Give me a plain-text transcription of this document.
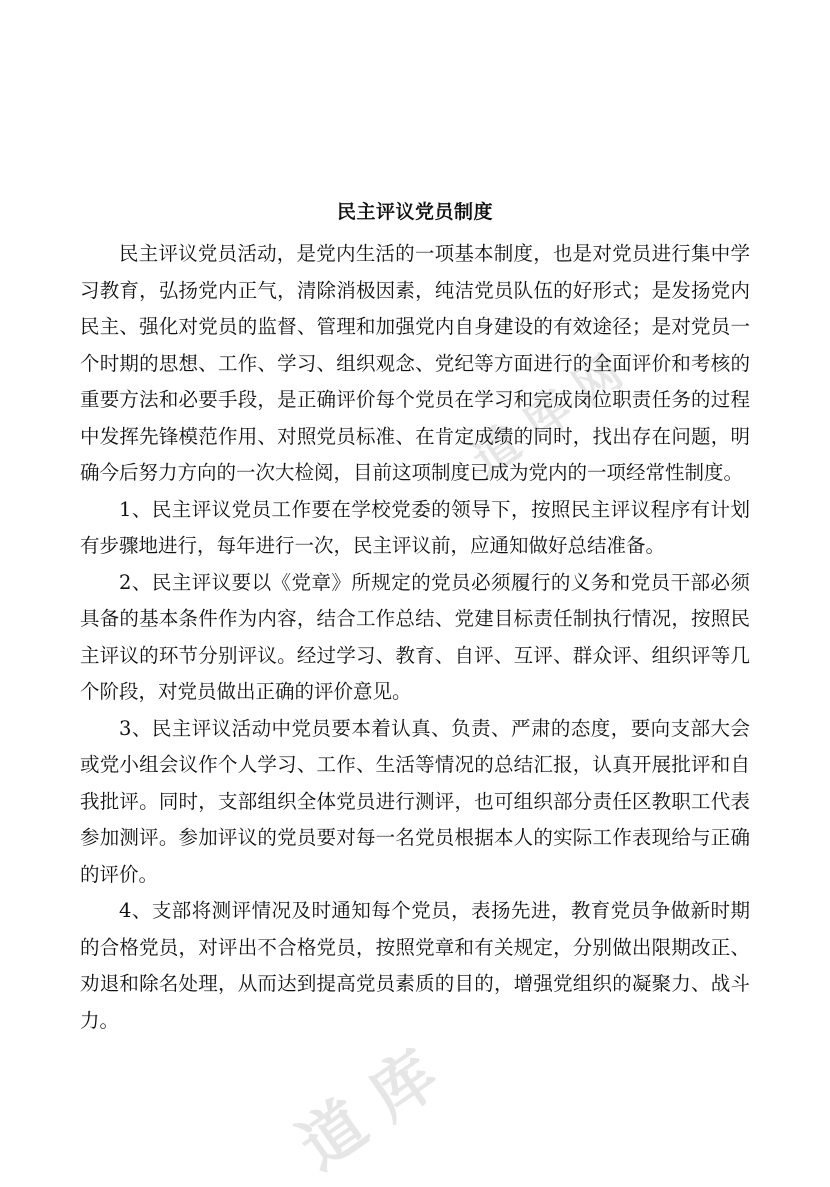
道 库 网
道 库
民主评议党员制度

民主评议党员活动，是党内生活的一项基本制度，也是对党员进行集中学习教育，弘扬党内正气，清除消极因素，纯洁党员队伍的好形式；是发扬党内民主、强化对党员的监督、管理和加强党内自身建设的有效途径；是对党员一个时期的思想、工作、学习、组织观念、党纪等方面进行的全面评价和考核的重要方法和必要手段，是正确评价每个党员在学习和完成岗位职责任务的过程中发挥先锋模范作用、对照党员标准、在肯定成绩的同时，找出存在问题，明确今后努力方向的一次大检阅，目前这项制度已成为党内的一项经常性制度。

1、民主评议党员工作要在学校党委的领导下，按照民主评议程序有计划有步骤地进行，每年进行一次，民主评议前，应通知做好总结准备。

2、民主评议要以《党章》所规定的党员必须履行的义务和党员干部必须具备的基本条件作为内容，结合工作总结、党建目标责任制执行情况，按照民主评议的环节分别评议。经过学习、教育、自评、互评、群众评、组织评等几个阶段，对党员做出正确的评价意见。

3、民主评议活动中党员要本着认真、负责、严肃的态度，要向支部大会或党小组会议作个人学习、工作、生活等情况的总结汇报，认真开展批评和自我批评。同时，支部组织全体党员进行测评，也可组织部分责任区教职工代表参加测评。参加评议的党员要对每一名党员根据本人的实际工作表现给与正确的评价。

4、支部将测评情况及时通知每个党员，表扬先进，教育党员争做新时期的合格党员，对评出不合格党员，按照党章和有关规定，分别做出限期改正、劝退和除名处理，从而达到提高党员素质的目的，增强党组织的凝聚力、战斗力。
